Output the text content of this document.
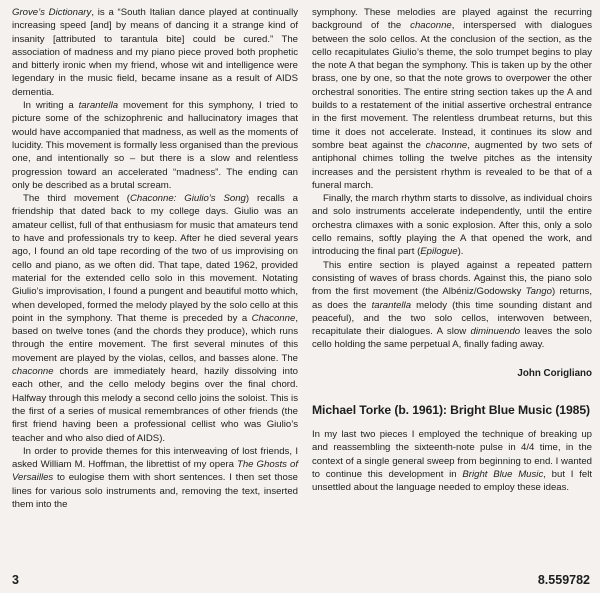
Grove’s Dictionary, is a “South Italian dance played at continually increasing speed [and] by means of dancing it a strange kind of insanity [attributed to tarantula bite] could be cured.” The association of madness and my piano piece proved both prophetic and bitterly ironic when my friend, whose wit and intelligence were legendary in the music field, became insane as a result of AIDS dementia.

In writing a tarantella movement for this symphony, I tried to picture some of the schizophrenic and hallucinatory images that would have accompanied that madness, as well as the moments of lucidity. This movement is formally less organised than the previous one, and intentionally so – but there is a slow and relentless progression toward an accelerated “madness”. The ending can only be described as a brutal scream.

The third movement (Chaconne: Giulio’s Song) recalls a friendship that dated back to my college days. Giulio was an amateur cellist, full of that enthusiasm for music that amateurs tend to have and professionals try to keep. After he died several years ago, I found an old tape recording of the two of us improvising on cello and piano, as we often did. That tape, dated 1962, provided material for the extended cello solo in this movement. Notating Giulio’s improvisation, I found a pungent and beautiful motto which, when developed, formed the melody played by the solo cello at this point in the symphony. That theme is preceded by a Chaconne, based on twelve tones (and the chords they produce), which runs through the entire movement. The first several minutes of this movement are played by the violas, cellos, and basses alone. The chaconne chords are immediately heard, hazily dissolving into each other, and the cello melody begins over the final chord. Halfway through this melody a second cello joins the soloist. This is the first of a series of musical remembrances of other friends (the first friend having been a professional cellist who was Giulio’s teacher and who also died of AIDS).

In order to provide themes for this interweaving of lost friends, I asked William M. Hoffman, the librettist of my opera The Ghosts of Versailles to eulogise them with short sentences. I then set those lines for various solo instruments and, removing the text, inserted them into the

symphony. These melodies are played against the recurring background of the chaconne, interspersed with dialogues between the solo cellos. At the conclusion of the section, as the cello recapitulates Giulio’s theme, the solo trumpet begins to play the note A that began the symphony. This is taken up by the other brass, one by one, so that the note grows to overpower the other orchestral sonorities. The entire string section takes up the A and builds to a restatement of the initial assertive orchestral entrance in the first movement. The relentless drumbeat returns, but this time it does not accelerate. Instead, it continues its slow and sombre beat against the chaconne, augmented by two sets of antiphonal chimes tolling the twelve pitches as the intensity increases and the persistent rhythm is revealed to be that of a funeral march.

Finally, the march rhythm starts to dissolve, as individual choirs and solo instruments accelerate independently, until the entire orchestra climaxes with a sonic explosion. After this, only a solo cello remains, softly playing the A that opened the work, and introducing the final part (Epilogue).

This entire section is played against a repeated pattern consisting of waves of brass chords. Against this, the piano solo from the first movement (the Albéniz/Godowsky Tango) returns, as does the tarantella melody (this time sounding distant and peaceful), and the two solo cellos, interwoven between, recapitulate their dialogues. A slow diminuendo leaves the solo cello holding the same perpetual A, finally fading away.

John Corigliano
Michael Torke (b. 1961): Bright Blue Music (1985)

In my last two pieces I employed the technique of breaking up and reassembling the sixteenth-note pulse in 4/4 time, in the context of a single general sweep from beginning to end. I wanted to continue this development in Bright Blue Music, but I felt unsettled about the language needed to employ these ideas.

3	8.559782
